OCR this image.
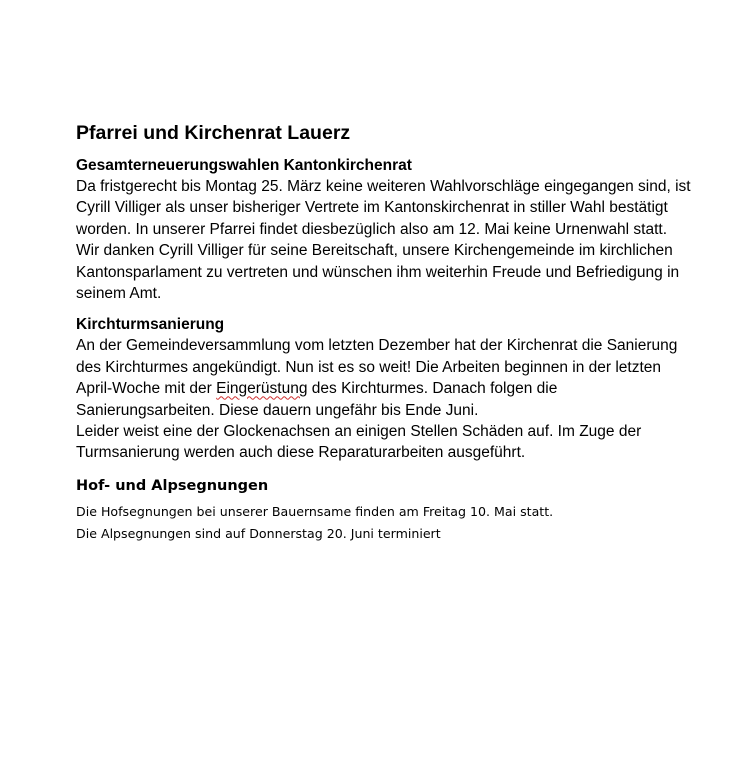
Pfarrei und Kirchenrat Lauerz
Gesamterneuerungswahlen Kantonkirchenrat

Da fristgerecht bis Montag 25. März keine weiteren Wahlvorschläge eingegangen sind, ist Cyrill Villiger als unser bisheriger Vertrete im Kantonskirchenrat in stiller Wahl bestätigt worden. In unserer Pfarrei findet diesbezüglich also am 12. Mai keine Urnenwahl statt.

Wir danken Cyrill Villiger für seine Bereitschaft, unsere Kirchengemeinde im kirchlichen Kantonsparlament zu vertreten und wünschen ihm weiterhin Freude und Befriedigung in seinem Amt.

Kirchturmsanierung

An der Gemeindeversammlung vom letzten Dezember hat der Kirchenrat die Sanierung des Kirchturmes angekündigt. Nun ist es so weit! Die Arbeiten beginnen in der letzten April-Woche mit der Eingerüstung des Kirchturmes. Danach folgen die Sanierungsarbeiten. Diese dauern ungefähr bis Ende Juni.

Leider weist eine der Glockenachsen an einigen Stellen Schäden auf. Im Zuge der Turmsanierung werden auch diese Reparaturarbeiten ausgeführt.

Hof- und Alpsegnungen

Die Hofsegnungen bei unserer Bauernsame finden am Freitag 10. Mai statt.

Die Alpsegnungen sind auf Donnerstag 20. Juni terminiert
